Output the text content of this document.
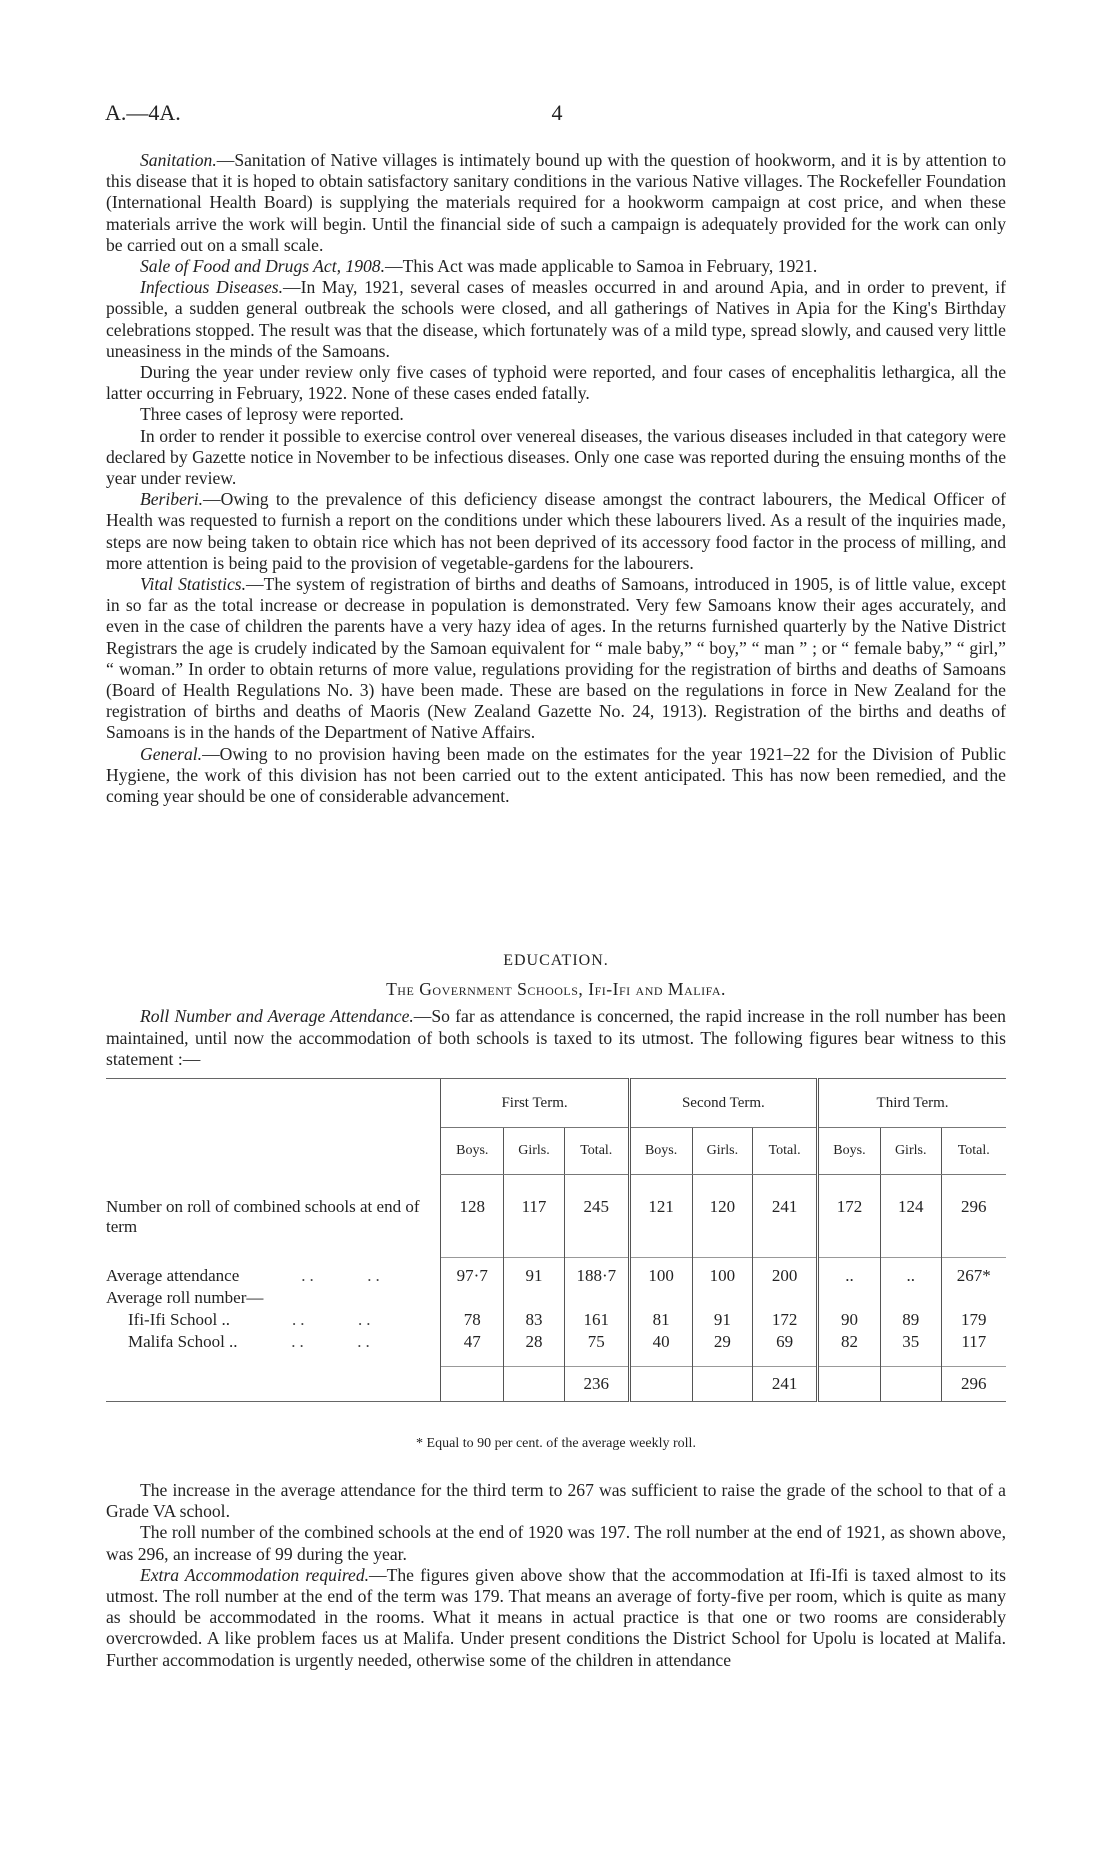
A.—4A.	4

Sanitation.—Sanitation of Native villages is intimately bound up with the question of hookworm, and it is by attention to this disease that it is hoped to obtain satisfactory sanitary conditions in the various Native villages. The Rockefeller Foundation (International Health Board) is supplying the materials required for a hookworm campaign at cost price, and when these materials arrive the work will begin. Until the financial side of such a campaign is adequately provided for the work can only be carried out on a small scale.

Sale of Food and Drugs Act, 1908.—This Act was made applicable to Samoa in February, 1921.

Infectious Diseases.—In May, 1921, several cases of measles occurred in and around Apia, and in order to prevent, if possible, a sudden general outbreak the schools were closed, and all gatherings of Natives in Apia for the King's Birthday celebrations stopped. The result was that the disease, which fortunately was of a mild type, spread slowly, and caused very little uneasiness in the minds of the Samoans.

During the year under review only five cases of typhoid were reported, and four cases of encephalitis lethargica, all the latter occurring in February, 1922. None of these cases ended fatally.

Three cases of leprosy were reported.

In order to render it possible to exercise control over venereal diseases, the various diseases included in that category were declared by Gazette notice in November to be infectious diseases. Only one case was reported during the ensuing months of the year under review.

Beriberi.—Owing to the prevalence of this deficiency disease amongst the contract labourers, the Medical Officer of Health was requested to furnish a report on the conditions under which these labourers lived. As a result of the inquiries made, steps are now being taken to obtain rice which has not been deprived of its accessory food factor in the process of milling, and more attention is being paid to the provision of vegetable-gardens for the labourers.

Vital Statistics.—The system of registration of births and deaths of Samoans, introduced in 1905, is of little value, except in so far as the total increase or decrease in population is demonstrated. Very few Samoans know their ages accurately, and even in the case of children the parents have a very hazy idea of ages. In the returns furnished quarterly by the Native District Registrars the age is crudely indicated by the Samoan equivalent for “ male baby,” “ boy,” “ man ” ; or “ female baby,” “ girl,” “ woman.” In order to obtain returns of more value, regulations providing for the registration of births and deaths of Samoans (Board of Health Regulations No. 3) have been made. These are based on the regulations in force in New Zealand for the registration of births and deaths of Maoris (New Zealand Gazette No. 24, 1913). Registration of the births and deaths of Samoans is in the hands of the Department of Native Affairs.

General.—Owing to no provision having been made on the estimates for the year 1921–22 for the Division of Public Hygiene, the work of this division has not been carried out to the extent anticipated. This has now been remedied, and the coming year should be one of considerable advancement.

EDUCATION.

The Government Schools, Ifi-Ifi and Malifa.

Roll Number and Average Attendance.—So far as attendance is concerned, the rapid increase in the roll number has been maintained, until now the accommodation of both schools is taxed to its utmost. The following figures bear witness to this statement :—

	First Term.			Second Term.			Third Term.		
	Boys.	Girls.	Total.	Boys.	Girls.	Total.	Boys.	Girls.	Total.
Number on roll of combined schools at end of term	128	117	245	121	120	241	172	124	296
Average attendance        ..      ..	97·7	91	188·7	100	100	200	..	..	267*
Average roll number—									
Ifi-Ifi School ..        ..      ..	78	83	161	81	91	172	90	89	179
Malifa School ..       ..      ..	47	28	75	40	29	69	82	35	117
			236			241			296
* Equal to 90 per cent. of the average weekly roll.

The increase in the average attendance for the third term to 267 was sufficient to raise the grade of the school to that of a Grade VA school.

The roll number of the combined schools at the end of 1920 was 197. The roll number at the end of 1921, as shown above, was 296, an increase of 99 during the year.

Extra Accommodation required.—The figures given above show that the accommodation at Ifi-Ifi is taxed almost to its utmost. The roll number at the end of the term was 179. That means an average of forty-five per room, which is quite as many as should be accommodated in the rooms. What it means in actual practice is that one or two rooms are considerably overcrowded. A like problem faces us at Malifa. Under present conditions the District School for Upolu is located at Malifa. Further accommodation is urgently needed, otherwise some of the children in attendance
